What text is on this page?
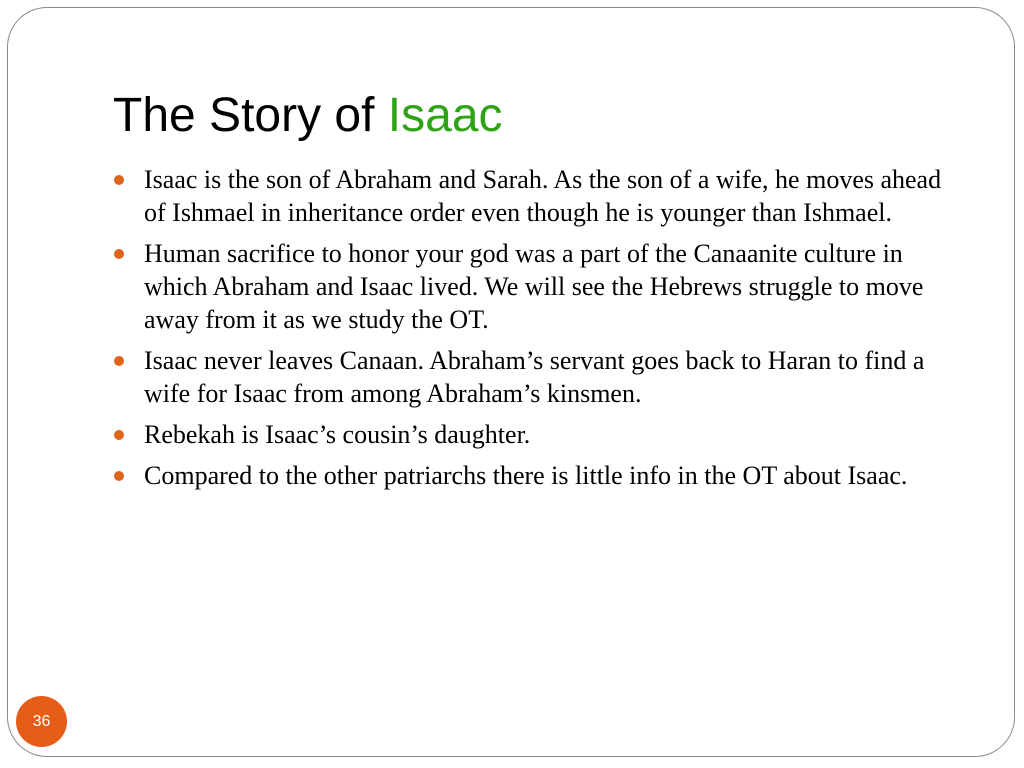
The Story of Isaac
Isaac is the son of Abraham and Sarah. As the son of a wife, he moves ahead of Ishmael in inheritance order even though he is younger than Ishmael.
Human sacrifice to honor your god was a part of the Canaanite culture in which Abraham and Isaac lived. We will see the Hebrews struggle to move away from it as we study the OT.
Isaac never leaves Canaan. Abraham’s servant goes back to Haran to find a wife for Isaac from among Abraham’s kinsmen.
Rebekah is Isaac’s cousin’s daughter.
Compared to the other patriarchs there is little info in the OT about Isaac.
36
